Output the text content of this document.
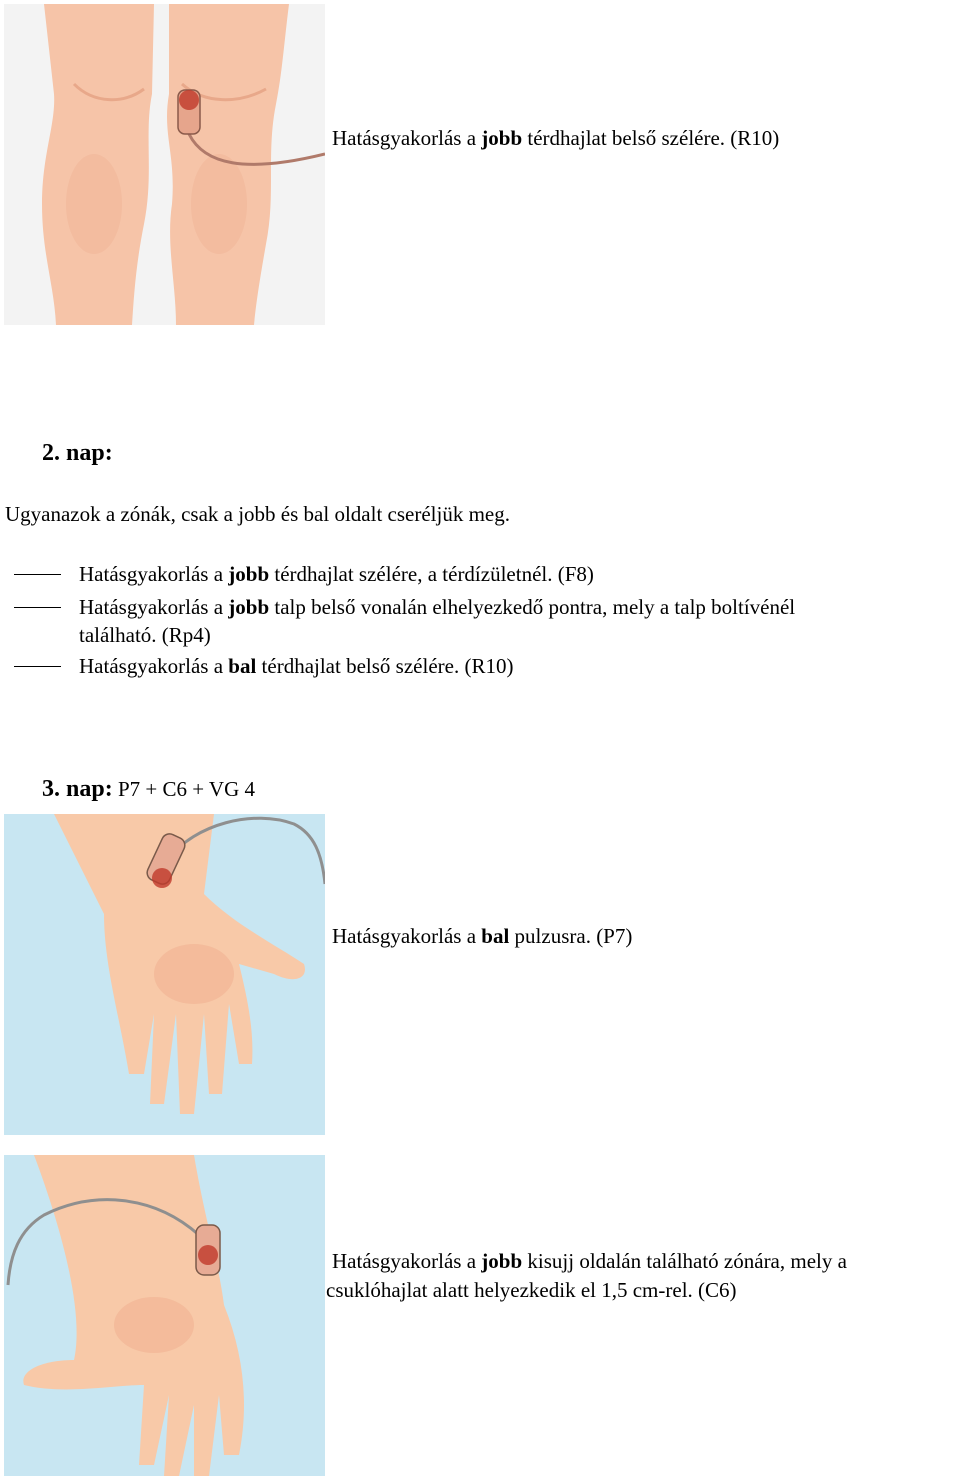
Hatásgyakorlás a jobb térdhajlat belső szélére. (R10)
2. nap:
Ugyanazok a zónák, csak a jobb és bal oldalt cseréljük meg.
Hatásgyakorlás a jobb térdhajlat szélére, a térdízületnél. (F8)
Hatásgyakorlás a jobb talp belső vonalán elhelyezkedő pontra, mely a talp boltívénél
található. (Rp4)
Hatásgyakorlás a bal térdhajlat belső szélére. (R10)
3. nap: P7 + C6 + VG 4
Hatásgyakorlás a bal pulzusra. (P7)
Hatásgyakorlás a jobb kisujj oldalán található zónára, mely a
csuklóhajlat alatt helyezkedik el 1,5 cm-rel. (C6)
